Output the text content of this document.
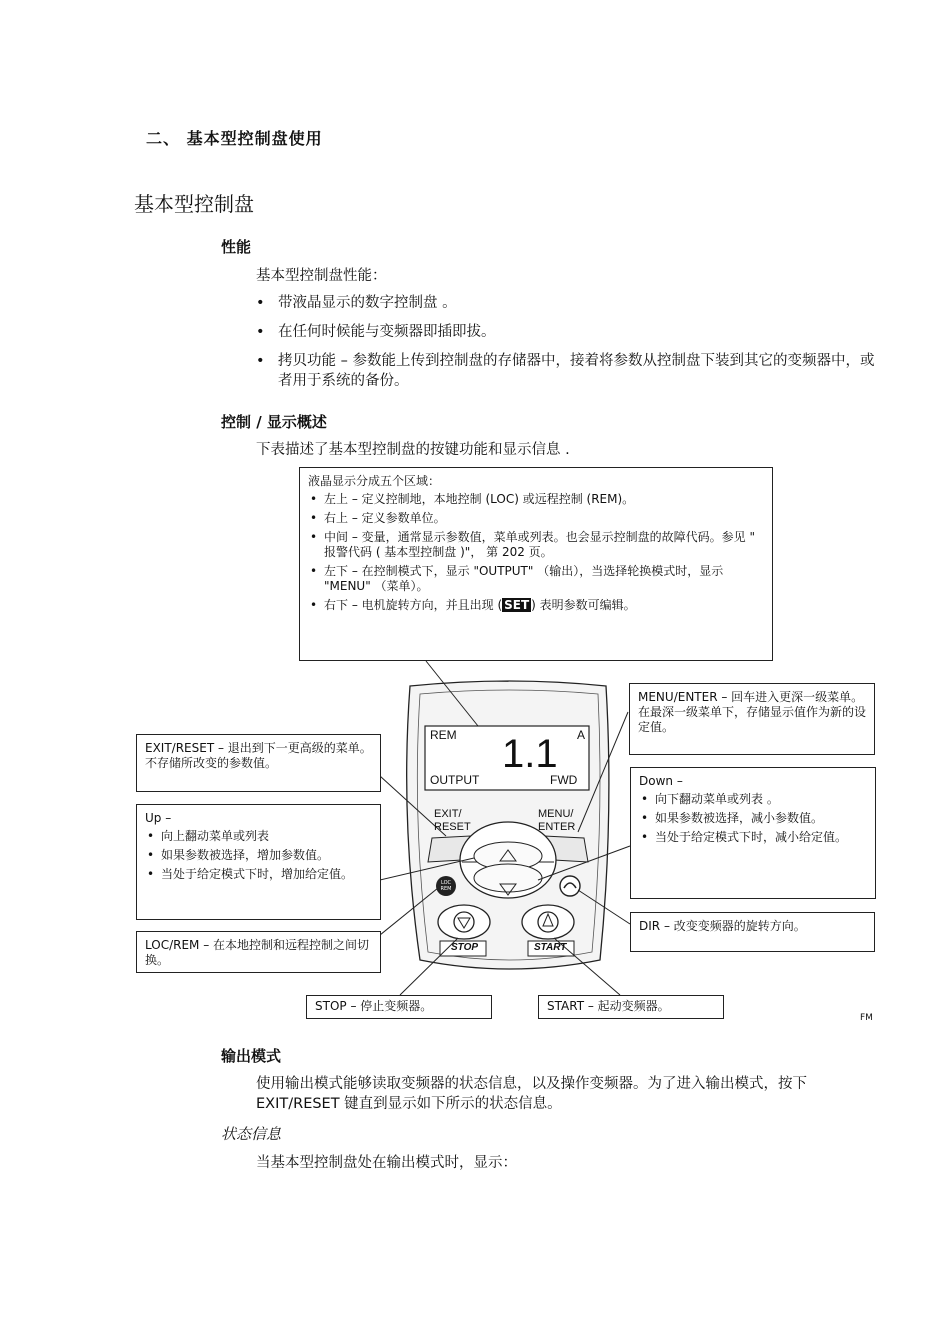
二、 基本型控制盘使用
基本型控制盘
性能
基本型控制盘性能：
• 带液晶显示的数字控制盘 。
• 在任何时候能与变频器即插即拔。
• 拷贝功能 – 参数能上传到控制盘的存储器中，接着将参数从控制盘下装到其它的变频器中，或者用于系统的备份。
控制 / 显示概述
下表描述了基本型控制盘的按键功能和显示信息 .
液晶显示分成五个区域：
• 左上 – 定义控制地，本地控制 (LOC) 或远程控制 (REM)。
• 右上 – 定义参数单位。
• 中间 – 变量，通常显示参数值，菜单或列表。也会显示控制盘的故障代码。参见 " 报警代码 ( 基本型控制盘 )"， 第 202 页。
• 左下 – 在控制模式下，显示 "OUTPUT" （输出），当选择轮换模式时，显示 "MENU" （菜单）。
• 右下 – 电机旋转方向，并且出现 ( SET ) 表明参数可编辑。
REM	A
1.1
OUTPUT	FWD
EXIT/
RESET
MENU/
ENTER
LOC
REM
STOP	START
MENU/ENTER – 回车进入更深一级菜单。在最深一级菜单下，存储显示值作为新的设定值。
EXIT/RESET – 退出到下一更高级的菜单。不存储所改变的参数值。
Up –
• 向上翻动菜单或列表
• 如果参数被选择，增加参数值。
• 当处于给定模式下时，增加给定值。
Down –
• 向下翻动菜单或列表 。
• 如果参数被选择，减小参数值。
• 当处于给定模式下时，减小给定值。
DIR – 改变变频器的旋转方向。
LOC/REM – 在本地控制和远程控制之间切换。
STOP – 停止变频器。	START – 起动变频器。
FM
输出模式
使用输出模式能够读取变频器的状态信息，以及操作变频器。为了进入输出模式，按下 EXIT/RESET 键直到显示如下所示的状态信息。
状态信息
当基本型控制盘处在输出模式时，显示：
